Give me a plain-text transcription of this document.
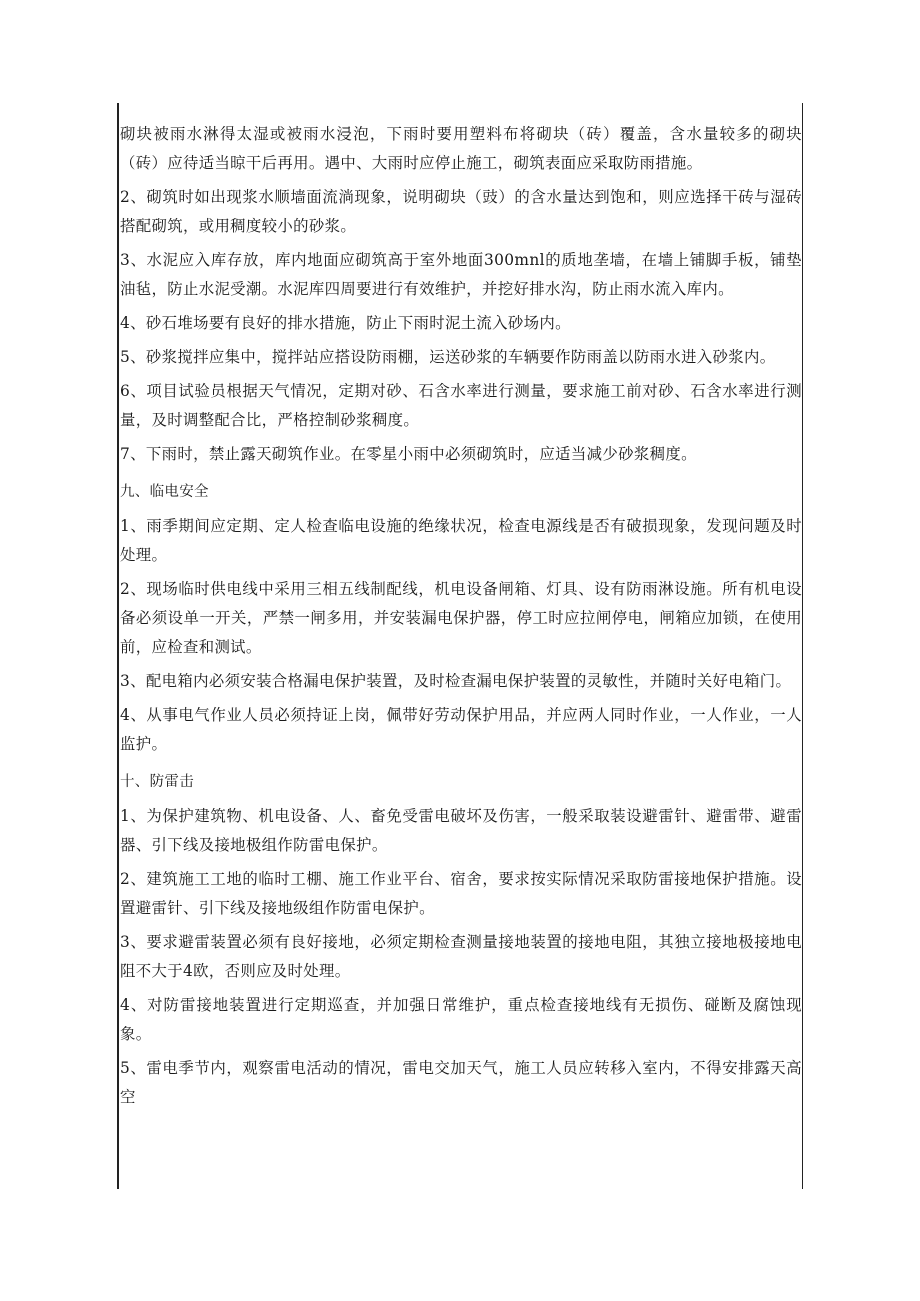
砌块被雨水淋得太湿或被雨水浸泡，下雨时要用塑料布将砌块（砖）覆盖，含水量较多的砌块（砖）应待适当晾干后再用。遇中、大雨时应停止施工，砌筑表面应采取防雨措施。

2、砌筑时如出现浆水顺墙面流淌现象，说明砌块（豉）的含水量达到饱和，则应选择干砖与湿砖搭配砌筑，或用稠度较小的砂浆。

3、水泥应入库存放，库内地面应砌筑高于室外地面300mnl的质地垄墙，在墙上铺脚手板，铺垫油毡，防止水泥受潮。水泥库四周要进行有效维护，并挖好排水沟，防止雨水流入库内。

4、砂石堆场要有良好的排水措施，防止下雨时泥土流入砂场内。

5、砂浆搅拌应集中，搅拌站应搭设防雨棚，运送砂浆的车辆要作防雨盖以防雨水进入砂浆内。

6、项目试验员根据天气情况，定期对砂、石含水率进行测量，要求施工前对砂、石含水率进行测量，及时调整配合比，严格控制砂浆稠度。

7、下雨时，禁止露天砌筑作业。在零星小雨中必须砌筑时，应适当减少砂浆稠度。

九、临电安全

1、雨季期间应定期、定人检查临电设施的绝缘状况，检查电源线是否有破损现象，发现问题及时处理。

2、现场临时供电线中采用三相五线制配线，机电设备闸箱、灯具、设有防雨淋设施。所有机电设备必须设单一开关，严禁一闸多用，并安装漏电保护器，停工时应拉闸停电，闸箱应加锁，在使用前，应检查和测试。

3、配电箱内必须安装合格漏电保护装置，及时检查漏电保护装置的灵敏性，并随时关好电箱门。

4、从事电气作业人员必须持证上岗，佩带好劳动保护用品，并应两人同时作业，一人作业，一人监护。

十、防雷击

1、为保护建筑物、机电设备、人、畜免受雷电破坏及伤害，一般采取装设避雷针、避雷带、避雷器、引下线及接地极组作防雷电保护。

2、建筑施工工地的临时工棚、施工作业平台、宿舍，要求按实际情况采取防雷接地保护措施。设置避雷针、引下线及接地级组作防雷电保护。

3、要求避雷装置必须有良好接地，必须定期检查测量接地装置的接地电阻，其独立接地极接地电阻不大于4欧，否则应及时处理。

4、对防雷接地装置进行定期巡查，并加强日常维护，重点检查接地线有无损伤、碰断及腐蚀现象。

5、雷电季节内，观察雷电活动的情况，雷电交加天气，施工人员应转移入室内，不得安排露天高空
